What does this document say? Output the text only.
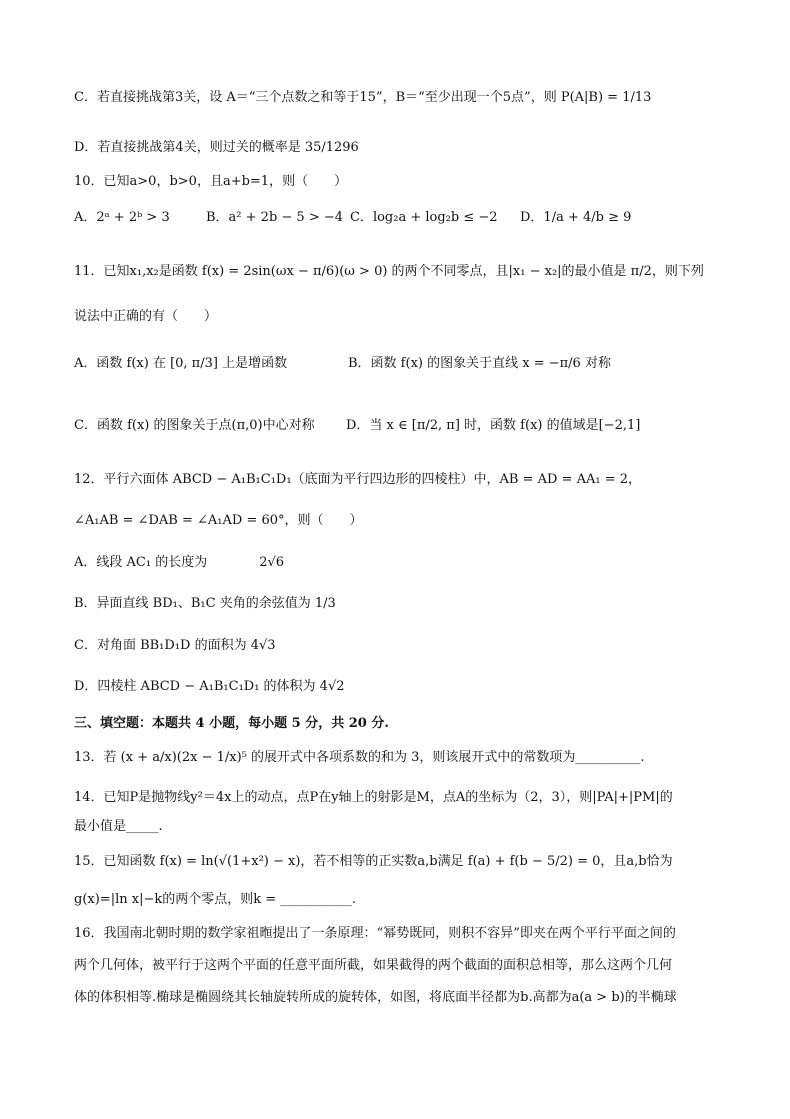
C．若直接挑战第3关，设 A＝“三个点数之和等于15”，B＝“至少出现一个5点”，则 P(A|B) = 1/13
D．若直接挑战第4关，则过关的概率是 35/1296
10．已知a>0，b>0，且a+b=1，则（　　）
A．2ᵃ + 2ᵇ > 3	B．a² + 2b − 5 > −4 C．log₂a + log₂b ≤ −2 D．1/a + 4/b ≥ 9
11．已知x₁,x₂是函数 f(x) = 2sin(ωx − π/6)(ω > 0) 的两个不同零点，且|x₁ − x₂|的最小值是 π/2，则下列
说法中正确的有（　　）
A．函数 f(x) 在 [0, π/3] 上是增函数	B．函数 f(x) 的图象关于直线 x = −π/6 对称
C．函数 f(x) 的图象关于点(π,0)中心对称 D．当 x ∈ [π/2, π] 时，函数 f(x) 的值域是[−2,1]
12．平行六面体 ABCD − A₁B₁C₁D₁（底面为平行四边形的四棱柱）中，AB = AD = AA₁ = 2，
∠A₁AB = ∠DAB = ∠A₁AD = 60°，则（　　）
A．线段 AC₁ 的长度为　　　　2√6
B．异面直线 BD₁、B₁C 夹角的余弦值为 1/3
C．对角面 BB₁D₁D 的面积为 4√3
D．四棱柱 ABCD − A₁B₁C₁D₁ 的体积为 4√2
三、填空题：本题共 4 小题，每小题 5 分，共 20 分.
13．若 (x + a/x)(2x − 1/x)⁵ 的展开式中各项系数的和为 3，则该展开式中的常数项为__________.
14．已知P是抛物线y²＝4x上的动点，点P在y轴上的射影是M，点A的坐标为（2，3），则|PA|+|PM|的
最小值是_____.
15．已知函数 f(x) = ln(√(1+x²) − x)，若不相等的正实数a,b满足 f(a) + f(b − 5/2) = 0，且a,b恰为
g(x)=|ln x|−k的两个零点，则k = ___________.
16．我国南北朝时期的数学家祖暅提出了一条原理：“幂势既同，则积不容异”即夹在两个平行平面之间的
两个几何体，被平行于这两个平面的任意平面所截，如果截得的两个截面的面积总相等，那么这两个几何
体的体积相等.椭球是椭圆绕其长轴旋转所成的旋转体，如图，将底面半径都为b.高都为a(a > b)的半椭球
